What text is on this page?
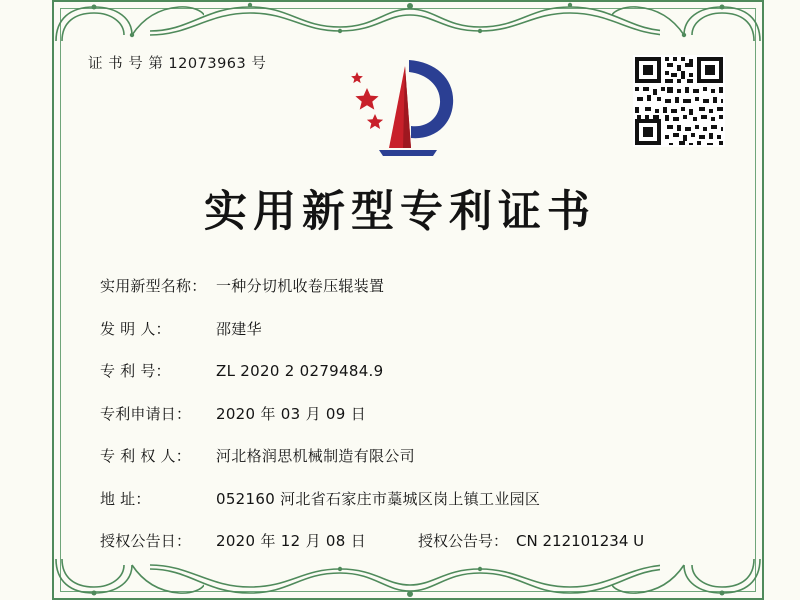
证 书 号 第 12073963 号
实用新型专利证书
实用新型名称： 一种分切机收卷压辊装置
发 明 人：	邵建华
专 利 号：	ZL 2020 2 0279484.9
专利申请日：	2020 年 03 月 09 日
专 利 权 人：	河北格润思机械制造有限公司
地 址：	052160 河北省石家庄市藁城区岗上镇工业园区
授权公告日：	2020 年 12 月 08 日	授权公告号： CN 212101234 U
